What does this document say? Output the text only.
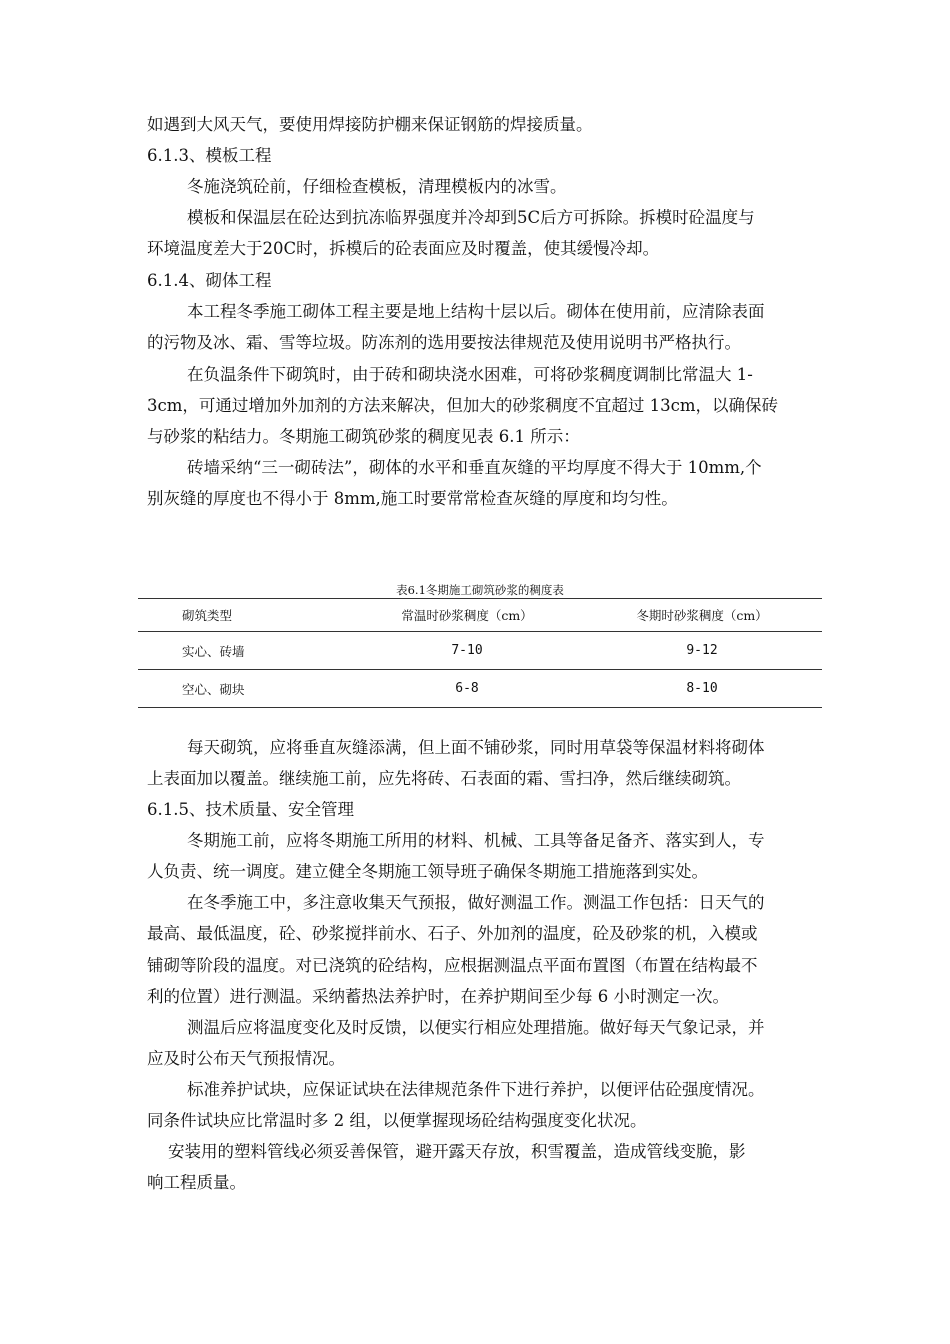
如遇到大风天气，要使用焊接防护棚来保证钢筋的焊接质量。
6.1.3、模板工程
冬施浇筑砼前，仔细检查模板，清理模板内的冰雪。
模板和保温层在砼达到抗冻临界强度并冷却到5C后方可拆除。拆模时砼温度与
环境温度差大于20C时，拆模后的砼表面应及时覆盖，使其缓慢冷却。
6.1.4、砌体工程
本工程冬季施工砌体工程主要是地上结构十层以后。砌体在使用前，应清除表面
的污物及冰、霜、雪等垃圾。防冻剂的选用要按法律规范及使用说明书严格执行。
在负温条件下砌筑时，由于砖和砌块浇水困难，可将砂浆稠度调制比常温大 1-
3cm，可通过增加外加剂的方法来解决，但加大的砂浆稠度不宜超过 13cm，以确保砖
与砂浆的粘结力。冬期施工砌筑砂浆的稠度见表 6.1 所示：
砖墙采纳“三一砌砖法”，砌体的水平和垂直灰缝的平均厚度不得大于 10mm,个
别灰缝的厚度也不得小于 8mm,施工时要常常检查灰缝的厚度和均匀性。
表6.1冬期施工砌筑砂浆的稠度表
砌筑类型	常温时砂浆稠度（cm）	冬期时砂浆稠度（cm）
实心、砖墙	7-10	9-12
空心、砌块	6-8	8-10
每天砌筑，应将垂直灰缝添满，但上面不铺砂浆，同时用草袋等保温材料将砌体
上表面加以覆盖。继续施工前，应先将砖、石表面的霜、雪扫净，然后继续砌筑。
6.1.5、技术质量、安全管理
冬期施工前，应将冬期施工所用的材料、机械、工具等备足备齐、落实到人，专
人负责、统一调度。建立健全冬期施工领导班子确保冬期施工措施落到实处。
在冬季施工中，多注意收集天气预报，做好测温工作。测温工作包括：日天气的
最高、最低温度，砼、砂浆搅拌前水、石子、外加剂的温度，砼及砂浆的机，入模或
铺砌等阶段的温度。对已浇筑的砼结构，应根据测温点平面布置图（布置在结构最不
利的位置）进行测温。采纳蓄热法养护时，在养护期间至少每 6 小时测定一次。
测温后应将温度变化及时反馈，以便实行相应处理措施。做好每天气象记录，并
应及时公布天气预报情况。
标准养护试块，应保证试块在法律规范条件下进行养护，以便评估砼强度情况。
同条件试块应比常温时多 2 组，以便掌握现场砼结构强度变化状况。
安装用的塑料管线必须妥善保管，避开露天存放，积雪覆盖，造成管线变脆，影
响工程质量。
